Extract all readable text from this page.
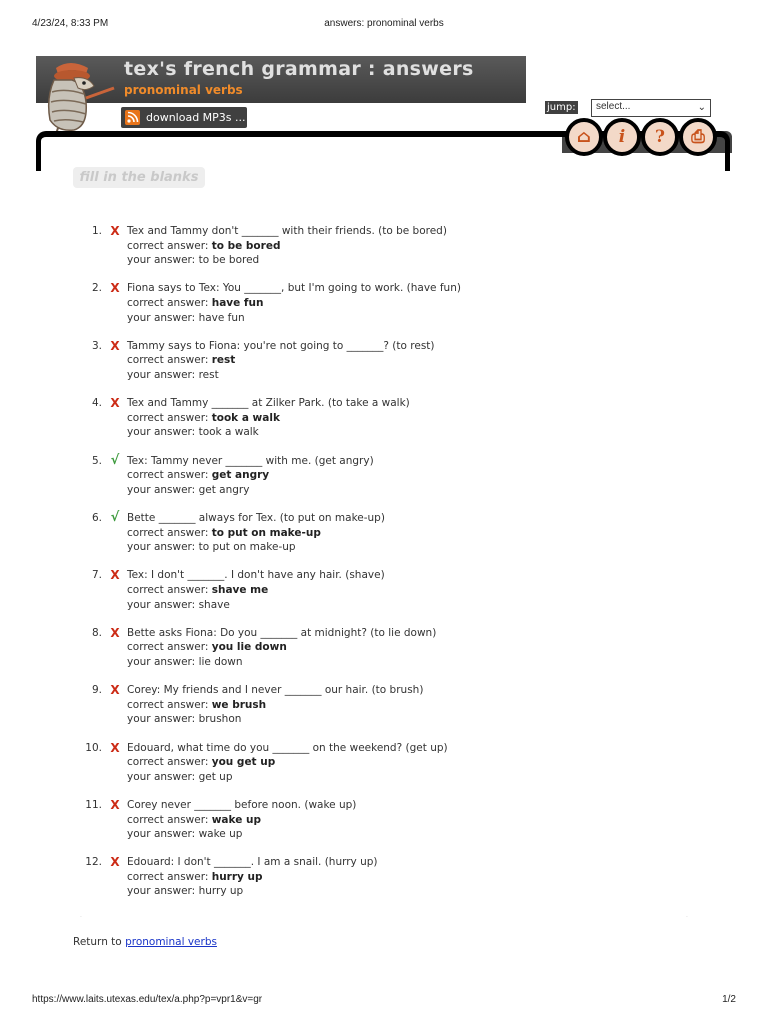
4/23/24, 8:33 PM	answers: pronominal verbs
tex's french grammar : answers
pronominal verbs
download MP3s ...
jump:	select...	⌄
⌂ i ? ⎙
fill in the blanks
1. X Tex and Tammy don't _______ with their friends. (to be bored)
correct answer: to be bored
your answer: to be bored
2. X Fiona says to Tex: You _______, but I'm going to work. (have fun)
correct answer: have fun
your answer: have fun
3. X Tammy says to Fiona: you're not going to _______? (to rest)
correct answer: rest
your answer: rest
4. X Tex and Tammy _______ at Zilker Park. (to take a walk)
correct answer: took a walk
your answer: took a walk
5. √ Tex: Tammy never _______ with me. (get angry)
correct answer: get angry
your answer: get angry
6. √ Bette _______ always for Tex. (to put on make-up)
correct answer: to put on make-up
your answer: to put on make-up
7. X Tex: I don't _______. I don't have any hair. (shave)
correct answer: shave me
your answer: shave
8. X Bette asks Fiona: Do you _______ at midnight? (to lie down)
correct answer: you lie down
your answer: lie down
9. X Corey: My friends and I never _______ our hair. (to brush)
correct answer: we brush
your answer: brushon
10. X Edouard, what time do you _______ on the weekend? (get up)
correct answer: you get up
your answer: get up
11. X Corey never _______ before noon. (wake up)
correct answer: wake up
your answer: wake up
12. X Edouard: I don't _______. I am a snail. (hurry up)
correct answer: hurry up
your answer: hurry up
·	·
Return to pronominal verbs
https://www.laits.utexas.edu/tex/a.php?p=vpr1&v=gr	1/2
